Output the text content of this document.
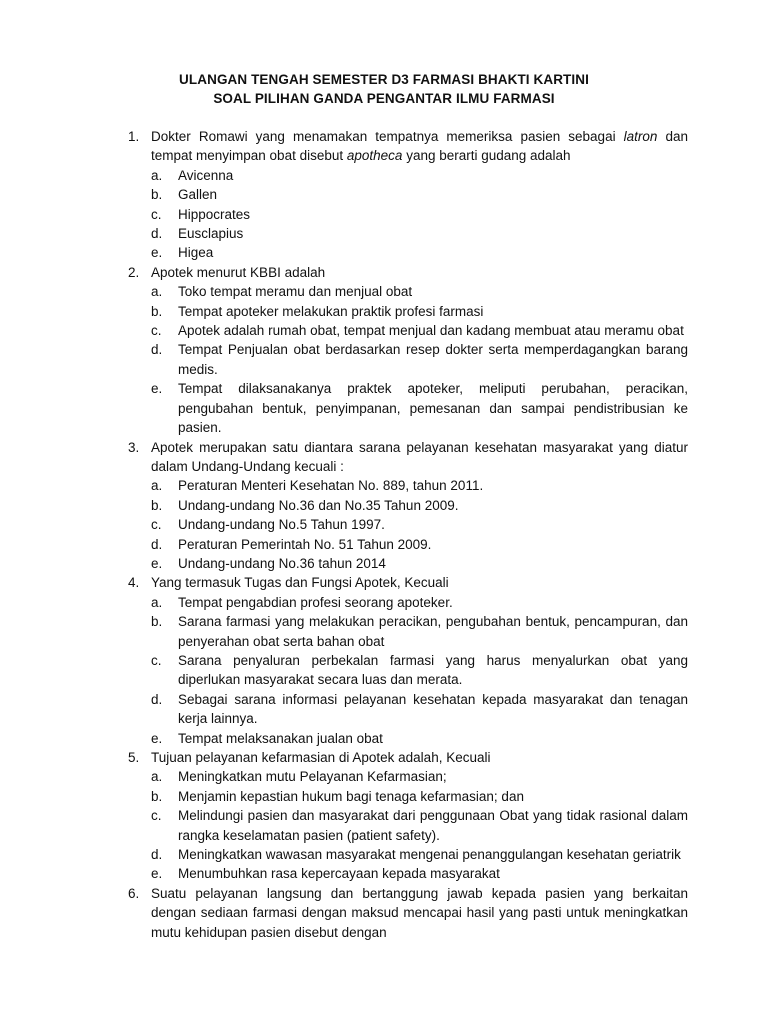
ULANGAN TENGAH SEMESTER D3 FARMASI BHAKTI KARTINI
SOAL PILIHAN GANDA PENGANTAR ILMU FARMASI
1. Dokter Romawi yang menamakan tempatnya memeriksa pasien sebagai latron dan tempat menyimpan obat disebut apotheca yang berarti gudang adalah
a. Avicenna
b. Gallen
c. Hippocrates
d. Eusclapius
e. Higea
2. Apotek menurut KBBI adalah
a. Toko tempat meramu dan menjual obat
b. Tempat apoteker melakukan praktik profesi farmasi
c. Apotek adalah rumah obat, tempat menjual dan kadang membuat atau meramu obat
d. Tempat Penjualan obat berdasarkan resep dokter serta memperdagangkan barang medis.
e. Tempat dilaksanakanya praktek apoteker, meliputi perubahan, peracikan, pengubahan bentuk, penyimpanan, pemesanan dan sampai pendistribusian ke pasien.
3. Apotek merupakan satu diantara sarana pelayanan kesehatan masyarakat yang diatur dalam Undang-Undang kecuali :
a. Peraturan Menteri Kesehatan No. 889, tahun 2011.
b. Undang-undang No.36 dan No.35 Tahun 2009.
c. Undang-undang No.5 Tahun 1997.
d. Peraturan Pemerintah No. 51 Tahun 2009.
e. Undang-undang No.36 tahun 2014
4. Yang termasuk Tugas dan Fungsi Apotek, Kecuali
a. Tempat pengabdian profesi seorang apoteker.
b. Sarana farmasi yang melakukan peracikan, pengubahan bentuk, pencampuran, dan penyerahan obat serta bahan obat
c. Sarana penyaluran perbekalan farmasi yang harus menyalurkan obat yang diperlukan masyarakat secara luas dan merata.
d. Sebagai sarana informasi pelayanan kesehatan kepada masyarakat dan tenagan kerja lainnya.
e. Tempat melaksanakan jualan obat
5. Tujuan pelayanan kefarmasian di Apotek adalah, Kecuali
a. Meningkatkan mutu Pelayanan Kefarmasian;
b. Menjamin kepastian hukum bagi tenaga kefarmasian; dan
c. Melindungi pasien dan masyarakat dari penggunaan Obat yang tidak rasional dalam rangka keselamatan pasien (patient safety).
d. Meningkatkan wawasan masyarakat mengenai penanggulangan kesehatan geriatrik
e. Menumbuhkan rasa kepercayaan kepada masyarakat
6. Suatu pelayanan langsung dan bertanggung jawab kepada pasien yang berkaitan dengan sediaan farmasi dengan maksud mencapai hasil yang pasti untuk meningkatkan mutu kehidupan pasien disebut dengan
